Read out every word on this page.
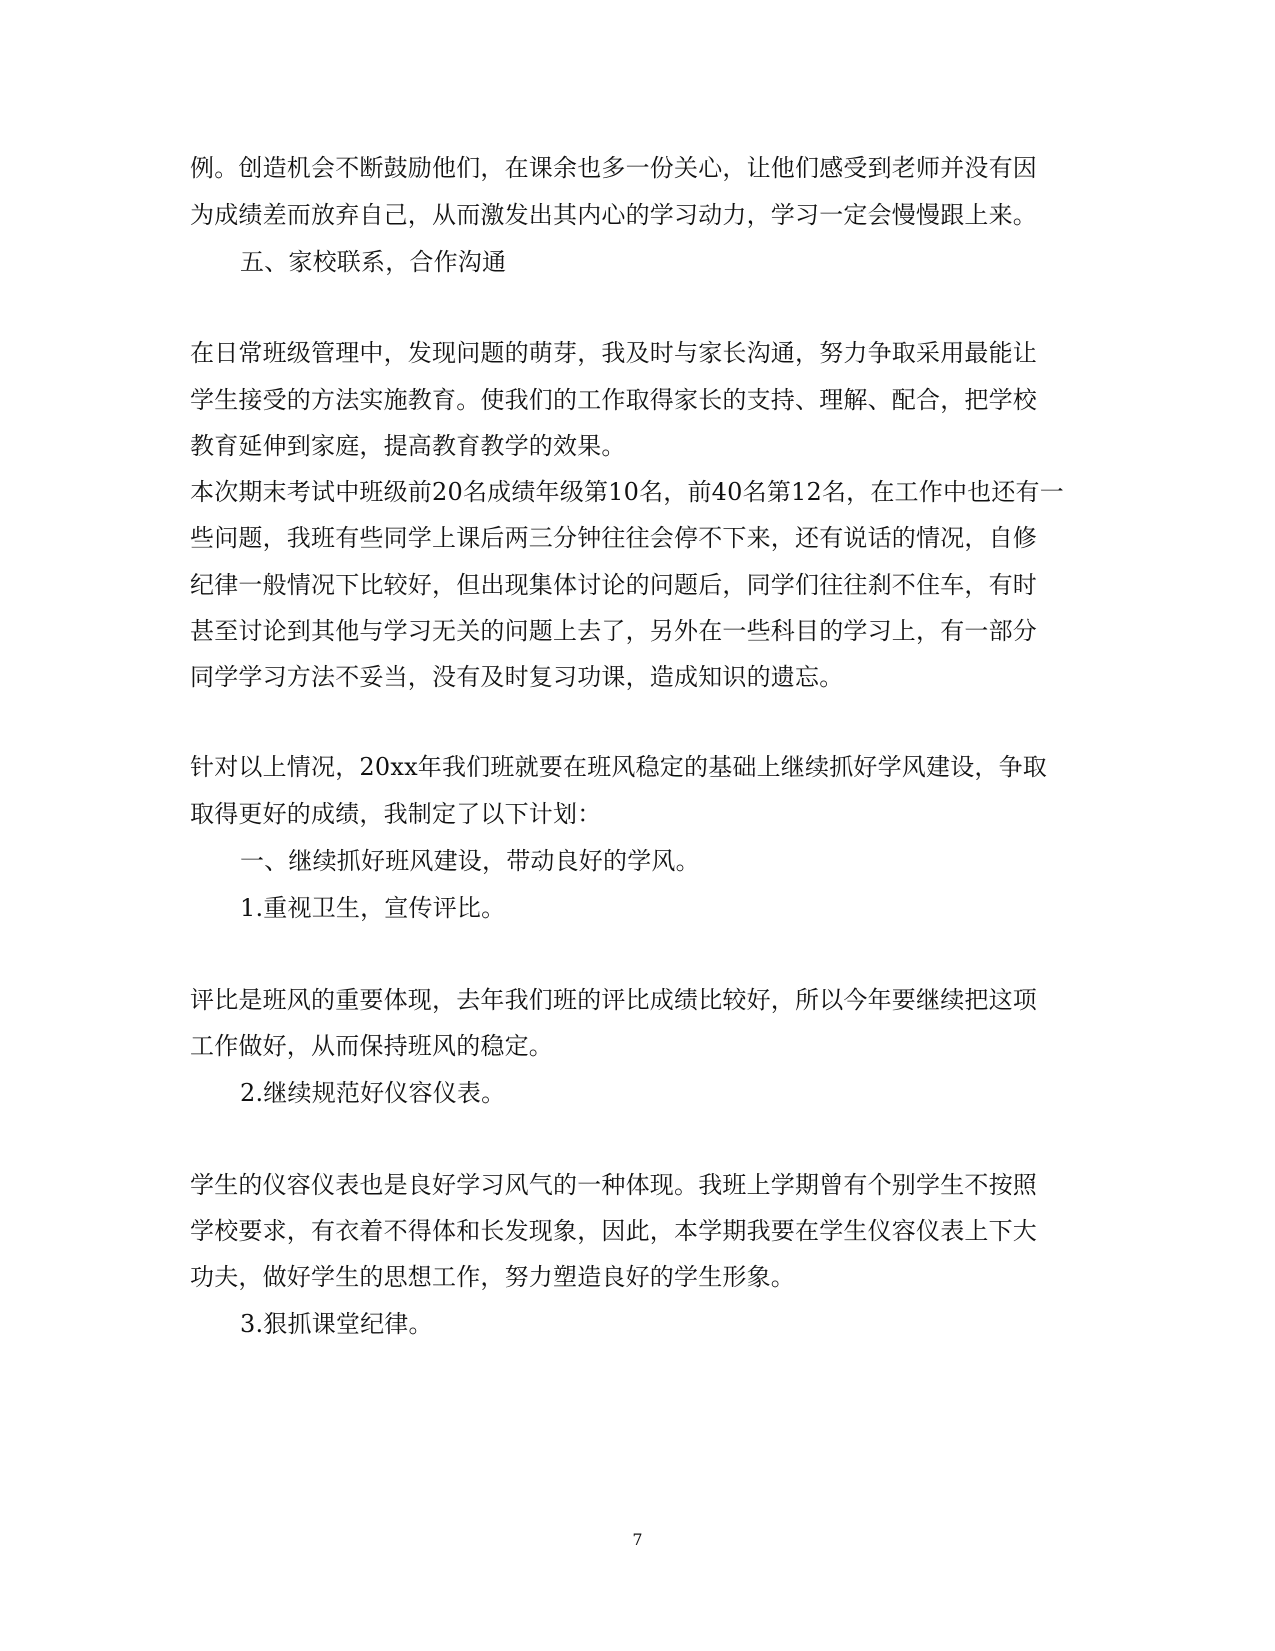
例。创造机会不断鼓励他们，在课余也多一份关心，让他们感受到老师并没有因
为成绩差而放弃自己，从而激发出其内心的学习动力，学习一定会慢慢跟上来。
五、家校联系，合作沟通
在日常班级管理中，发现问题的萌芽，我及时与家长沟通，努力争取采用最能让
学生接受的方法实施教育。使我们的工作取得家长的支持、理解、配合，把学校
教育延伸到家庭，提高教育教学的效果。
本次期末考试中班级前20名成绩年级第10名，前40名第12名，在工作中也还有一
些问题，我班有些同学上课后两三分钟往往会停不下来，还有说话的情况，自修
纪律一般情况下比较好，但出现集体讨论的问题后，同学们往往刹不住车，有时
甚至讨论到其他与学习无关的问题上去了，另外在一些科目的学习上，有一部分
同学学习方法不妥当，没有及时复习功课，造成知识的遗忘。
针对以上情况，20xx年我们班就要在班风稳定的基础上继续抓好学风建设，争取
取得更好的成绩，我制定了以下计划：
一、继续抓好班风建设，带动良好的学风。
1.重视卫生，宣传评比。
评比是班风的重要体现，去年我们班的评比成绩比较好，所以今年要继续把这项
工作做好，从而保持班风的稳定。
2.继续规范好仪容仪表。
学生的仪容仪表也是良好学习风气的一种体现。我班上学期曾有个别学生不按照
学校要求，有衣着不得体和长发现象，因此，本学期我要在学生仪容仪表上下大
功夫，做好学生的思想工作，努力塑造良好的学生形象。
3.狠抓课堂纪律。
7
